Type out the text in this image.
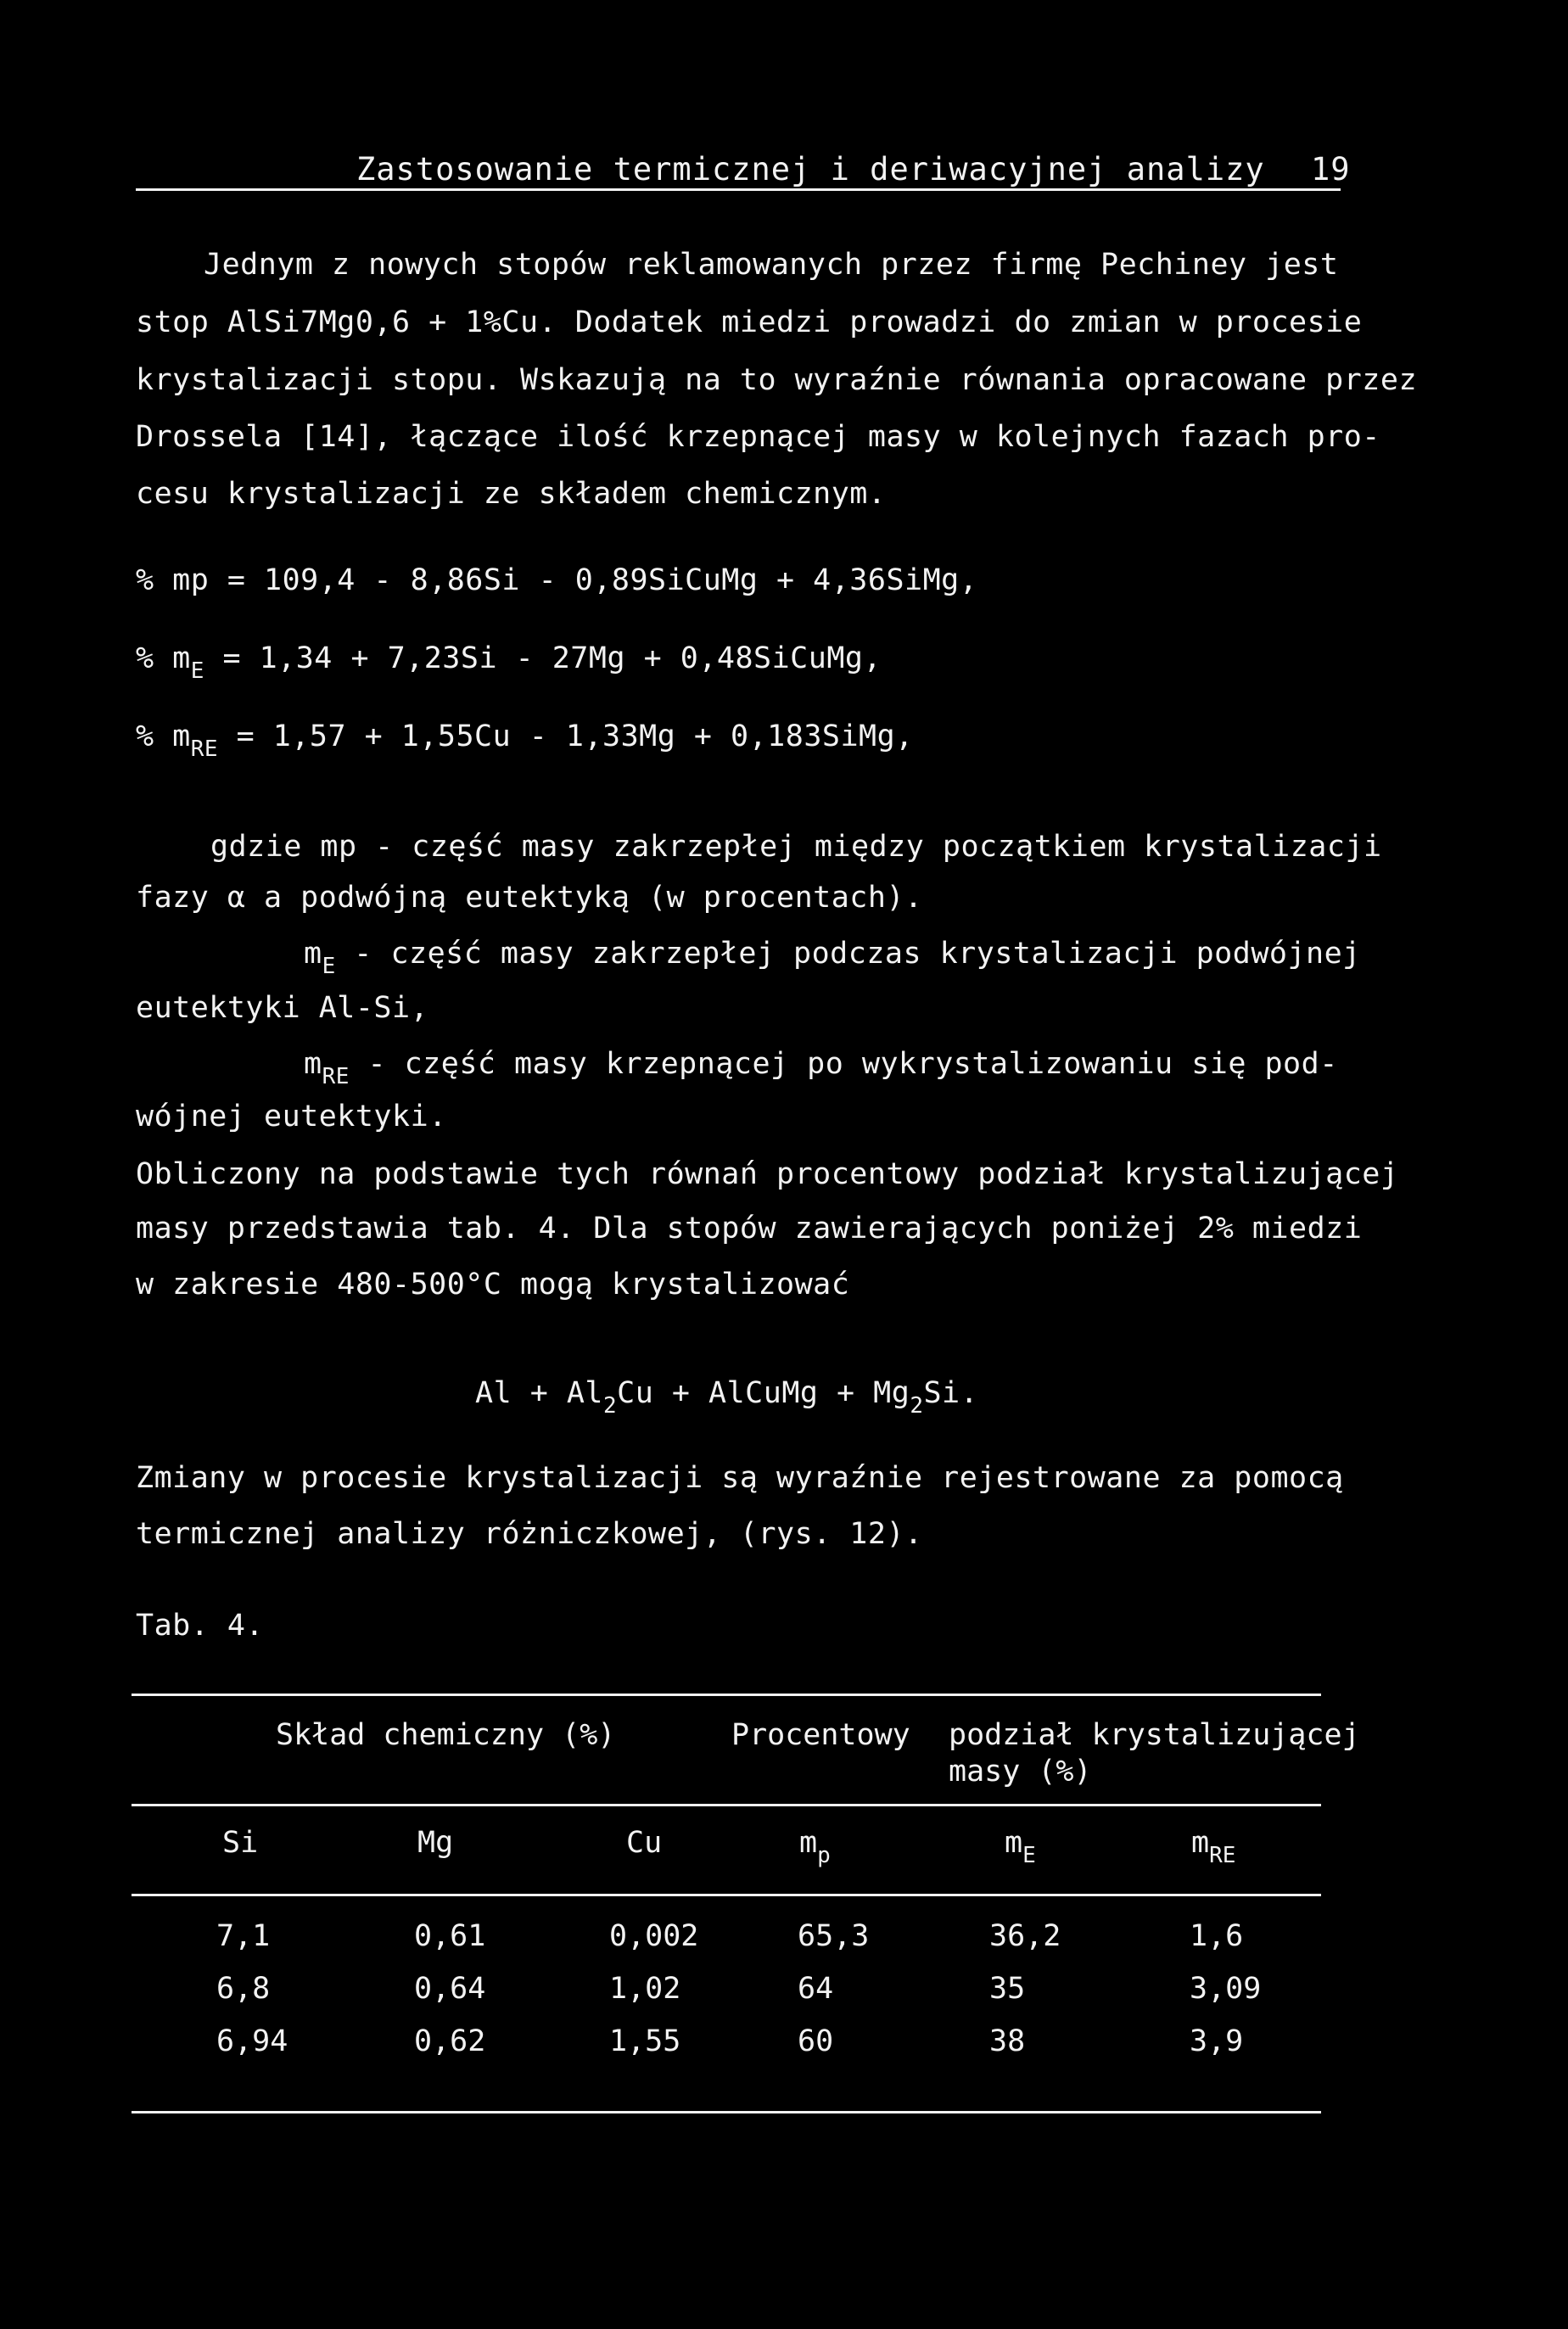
Zastosowanie termicznej i deriwacyjnej analizy 19
Jednym z nowych stopów reklamowanych przez firmę Pechiney jest
stop AlSi7Mg0,6 + 1%Cu. Dodatek miedzi prowadzi do zmian w procesie
krystalizacji stopu. Wskazują na to wyraźnie równania opracowane przez
Drossela [14], łączące ilość krzepnącej masy w kolejnych fazach pro-
cesu krystalizacji ze składem chemicznym.
% mp = 109,4 - 8,86Si - 0,89SiCuMg + 4,36SiMg,
% $m_E = 1,34 + 7,23Si - 27Mg$ + 0,48SiCuMg,
% $m_{RE} = 1,57 + 1,55Cu - 1,33Mg$ + 0,183SiMg,
gdzie mp - część masy zakrzepłej między początkiem krystalizacji
fazy α a podwójną eutektyką (w procentach).
$m_E$ - część masy zakrzepłej podczas krystalizacji podwójnej
eutektyki Al-Si,
$m_{RE}$ - część masy krzepnącej po wykrystalizowaniu się pod-
wójnej eutektyki.
Obliczony na podstawie tych równań procentowy podział krystalizującej
masy przedstawia tab. 4. Dla stopów zawierających poniżej 2% miedzi
w zakresie 480-500°C mogą krystalizować
$Al + Al_2Cu$ + AlCuMg + $Mg_2Si$.
Zmiany w procesie krystalizacji są wyraźnie rejestrowane za pomocą
termicznej analizy różniczkowej, (rys. 12).
Tab. 4.
Skład chemiczny (%)	Procentowy podział krystalizującej
masy (%)
Si	Mg	Cu	$m_p$	$m_E$	$m_{RE}$
7,1	0,61	0,002	65,3	36,2	1,6
6,8	0,64	1,02	64	35	3,09
6,94	0,62	1,55	60	38	3,9
